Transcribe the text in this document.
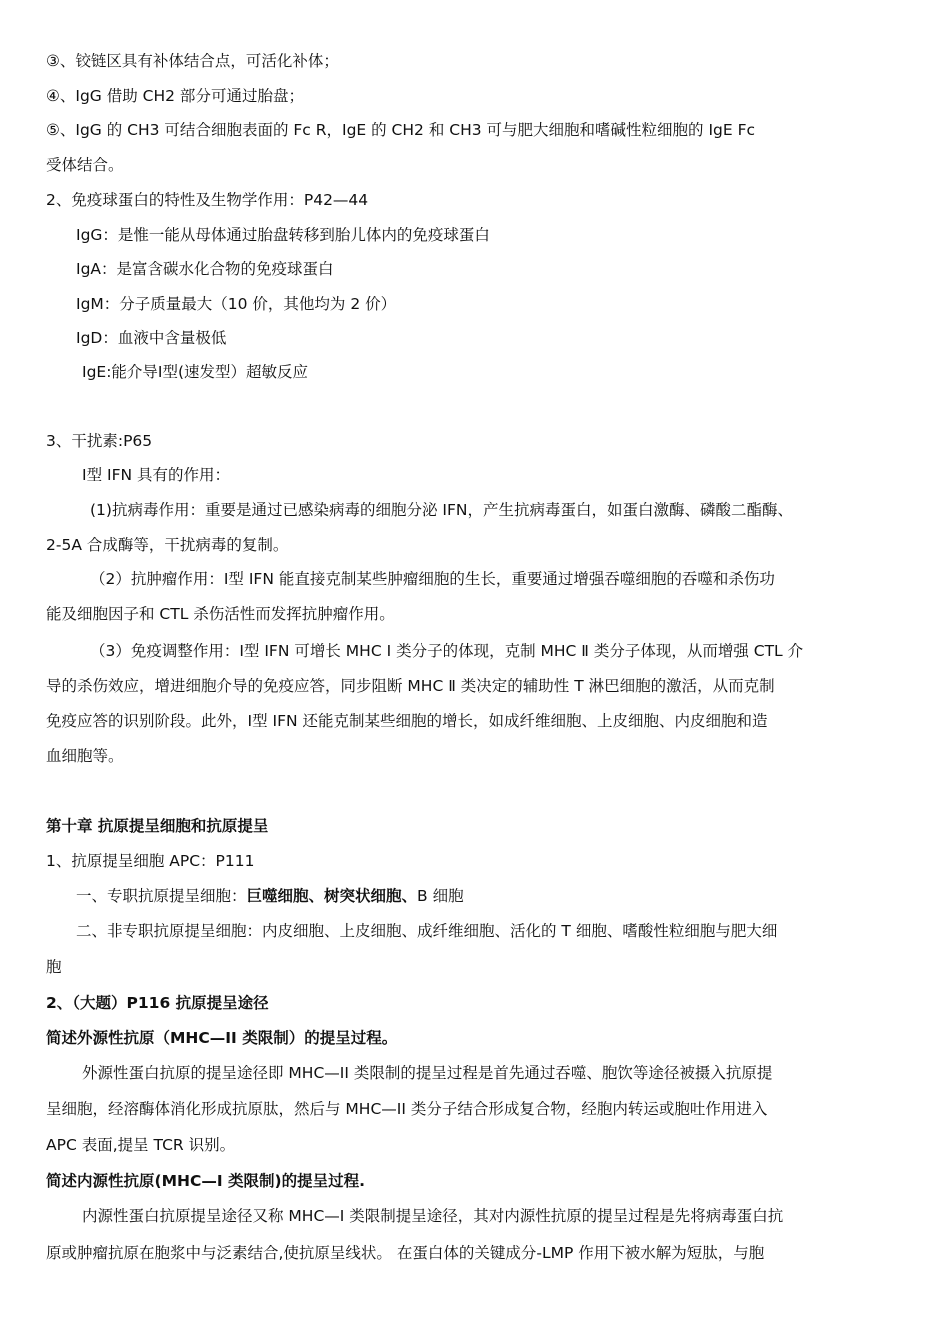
③、铰链区具有补体结合点，可活化补体；
④、IgG 借助 CH2 部分可通过胎盘；
⑤、IgG 的 CH3 可结合细胞表面的 Fc R，IgE 的 CH2 和 CH3 可与肥大细胞和嗜碱性粒细胞的 IgE Fc
受体结合。
2、免疫球蛋白的特性及生物学作用：P42—44
IgG：是惟一能从母体通过胎盘转移到胎儿体内的免疫球蛋白
IgA：是富含碳水化合物的免疫球蛋白
IgM：分子质量最大（10 价，其他均为 2 价）
IgD：血液中含量极低
IgE:能介导Ⅰ型(速发型）超敏反应
3、干扰素:P65
Ⅰ型 IFN 具有的作用：
(1)抗病毒作用：重要是通过已感染病毒的细胞分泌 IFN，产生抗病毒蛋白，如蛋白激酶、磷酸二酯酶、
2-5A 合成酶等，干扰病毒的复制。
（2）抗肿瘤作用：Ⅰ型 IFN 能直接克制某些肿瘤细胞的生长，重要通过增强吞噬细胞的吞噬和杀伤功
能及细胞因子和 CTL 杀伤活性而发挥抗肿瘤作用。
（3）免疫调整作用：Ⅰ型 IFN 可增长 MHC Ⅰ 类分子的体现，克制 MHC Ⅱ 类分子体现，从而增强 CTL 介
导的杀伤效应，增进细胞介导的免疫应答，同步阻断 MHC Ⅱ 类决定的辅助性 T 淋巴细胞的激活，从而克制
免疫应答的识别阶段。此外，Ⅰ型 IFN 还能克制某些细胞的增长，如成纤维细胞、上皮细胞、内皮细胞和造
血细胞等。
第十章 抗原提呈细胞和抗原提呈
1、抗原提呈细胞 APC：P111
一、专职抗原提呈细胞：巨噬细胞、树突状细胞、B 细胞
二、非专职抗原提呈细胞：内皮细胞、上皮细胞、成纤维细胞、活化的 T 细胞、嗜酸性粒细胞与肥大细
胞
2、（大题）P116 抗原提呈途径
简述外源性抗原（MHC—II 类限制）的提呈过程。
外源性蛋白抗原的提呈途径即 MHC—II 类限制的提呈过程是首先通过吞噬、胞饮等途径被摄入抗原提
呈细胞，经溶酶体消化形成抗原肽，然后与 MHC—II 类分子结合形成复合物，经胞内转运或胞吐作用进入
APC 表面,提呈 TCR 识别。
简述内源性抗原(MHC—I 类限制)的提呈过程.
内源性蛋白抗原提呈途径又称 MHC—I 类限制提呈途径，其对内源性抗原的提呈过程是先将病毒蛋白抗
原或肿瘤抗原在胞浆中与泛素结合,使抗原呈线状。 在蛋白体的关键成分-LMP 作用下被水解为短肽，与胞
